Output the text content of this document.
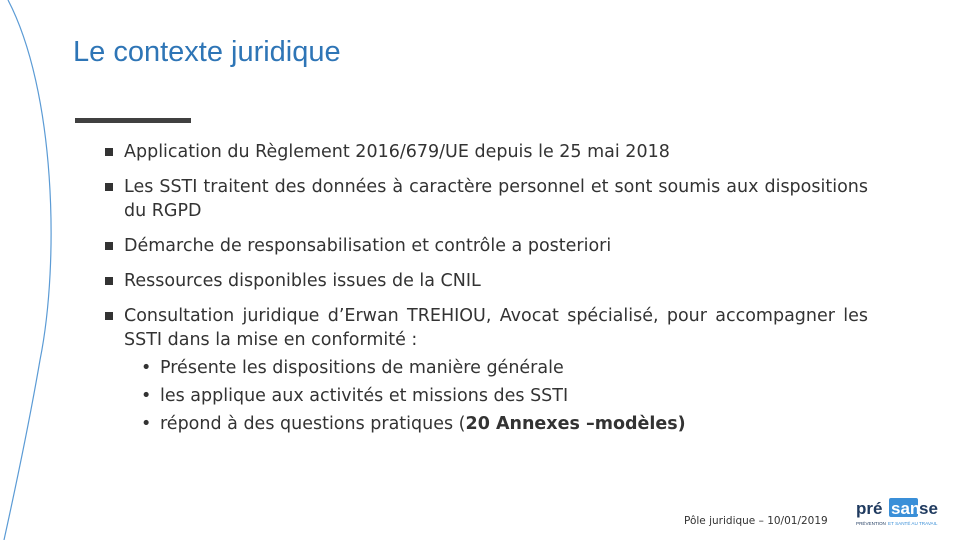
Le contexte juridique
Application du Règlement 2016/679/UE depuis le 25 mai 2018
Les SSTI traitent des données à caractère personnel et sont soumis aux dispositions du RGPD
Démarche de responsabilisation et contrôle a posteriori
Ressources disponibles issues de la CNIL
Consultation juridique d’Erwan TREHIOU, Avocat spécialisé, pour accompagner les SSTI dans la mise en conformité :
• Présente les dispositions de manière générale
• les applique aux activités et missions des SSTI
• répond à des questions pratiques (20 Annexes –modèles)
Pôle juridique – 10/01/2019
pré san
se
PRÉVENTION ET SANTÉ AU TRAVAIL
